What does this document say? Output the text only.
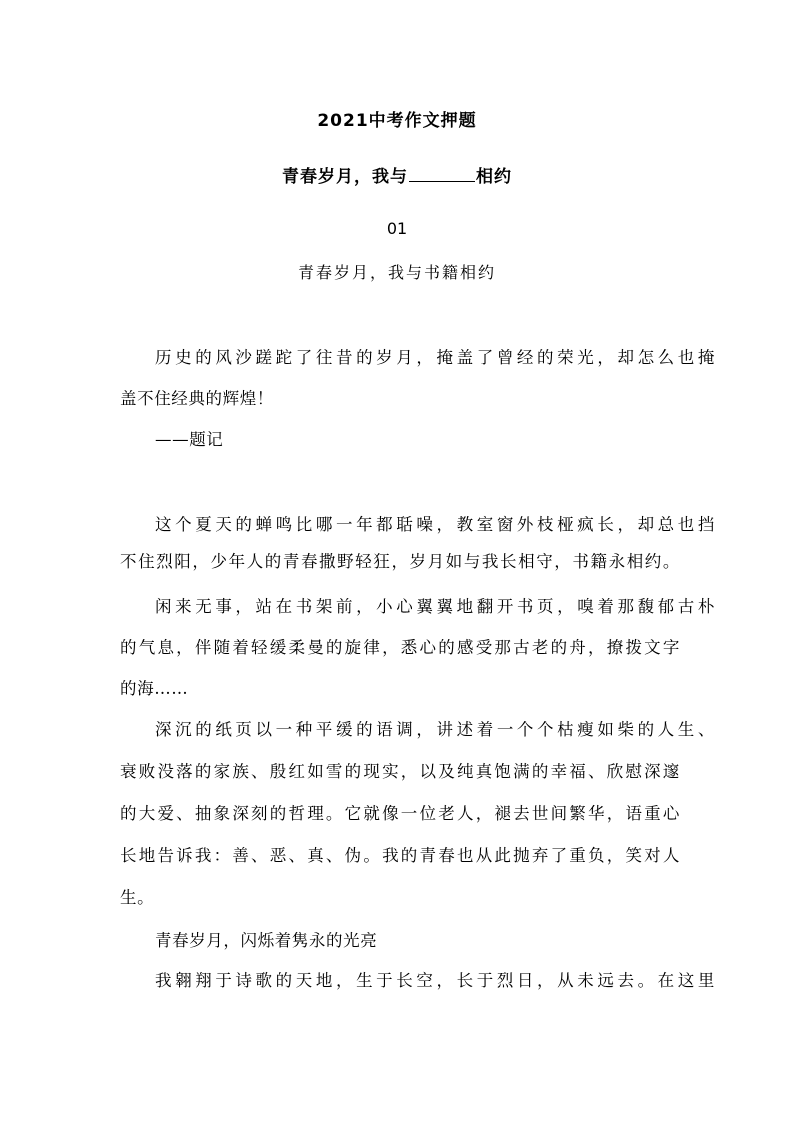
2021中考作文押题
青春岁月，我与	相约
01
青春岁月，我与书籍相约
历史的风沙蹉跎了往昔的岁月，掩盖了曾经的荣光，却怎么也掩
盖不住经典的辉煌！
——题记
这个夏天的蝉鸣比哪一年都聒噪，教室窗外枝桠疯长，却总也挡
不住烈阳，少年人的青春撒野轻狂，岁月如与我长相守，书籍永相约。
闲来无事，站在书架前，小心翼翼地翻开书页，嗅着那馥郁古朴
的气息，伴随着轻缓柔曼的旋律，悉心的感受那古老的舟，撩拨文字
的海……
深沉的纸页以一种平缓的语调，讲述着一个个枯瘦如柴的人生、
衰败没落的家族、殷红如雪的现实，以及纯真饱满的幸福、欣慰深邃
的大爱、抽象深刻的哲理。它就像一位老人，褪去世间繁华，语重心
长地告诉我：善、恶、真、伪。我的青春也从此抛弃了重负，笑对人
生。
青春岁月，闪烁着隽永的光亮
我翱翔于诗歌的天地，生于长空，长于烈日，从未远去。在这里
